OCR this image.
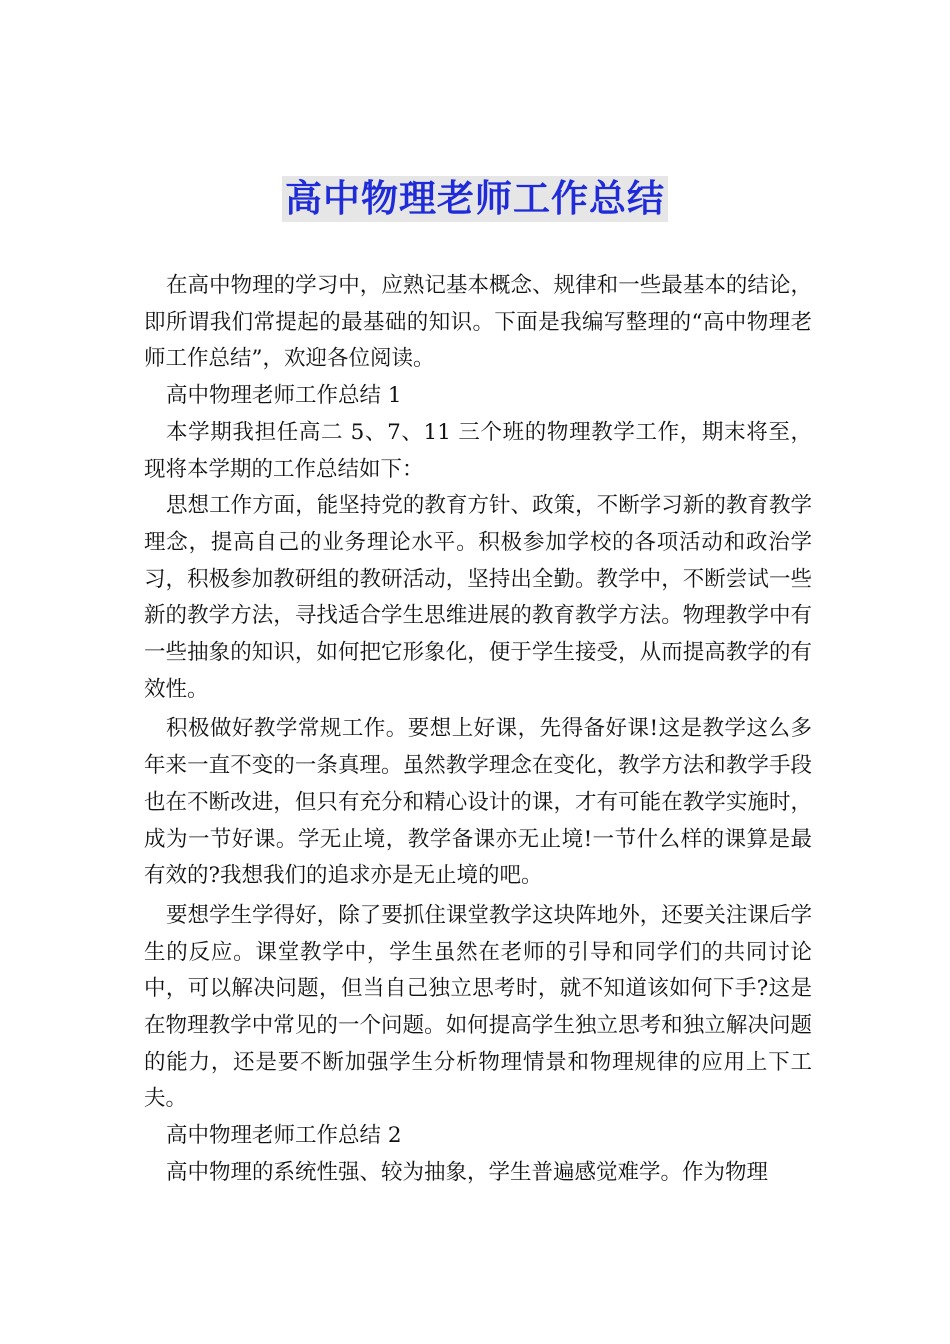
高中物理老师工作总结

在高中物理的学习中，应熟记基本概念、规律和一些最基本的结论，即所谓我们常提起的最基础的知识。下面是我编写整理的“高中物理老师工作总结”，欢迎各位阅读。

高中物理老师工作总结 1

本学期我担任高二 5、7、11 三个班的物理教学工作，期末将至，现将本学期的工作总结如下：

思想工作方面，能坚持党的教育方针、政策，不断学习新的教育教学理念，提高自己的业务理论水平。积极参加学校的各项活动和政治学习，积极参加教研组的教研活动，坚持出全勤。教学中，不断尝试一些新的教学方法，寻找适合学生思维进展的教育教学方法。物理教学中有一些抽象的知识，如何把它形象化，便于学生接受，从而提高教学的有效性。

积极做好教学常规工作。要想上好课，先得备好课!这是教学这么多年来一直不变的一条真理。虽然教学理念在变化，教学方法和教学手段也在不断改进，但只有充分和精心设计的课，才有可能在教学实施时，成为一节好课。学无止境，教学备课亦无止境!一节什么样的课算是最有效的?我想我们的追求亦是无止境的吧。

要想学生学得好，除了要抓住课堂教学这块阵地外，还要关注课后学生的反应。课堂教学中，学生虽然在老师的引导和同学们的共同讨论中，可以解决问题，但当自己独立思考时，就不知道该如何下手?这是在物理教学中常见的一个问题。如何提高学生独立思考和独立解决问题的能力，还是要不断加强学生分析物理情景和物理规律的应用上下工夫。

高中物理老师工作总结 2

高中物理的系统性强、较为抽象，学生普遍感觉难学。作为物理
